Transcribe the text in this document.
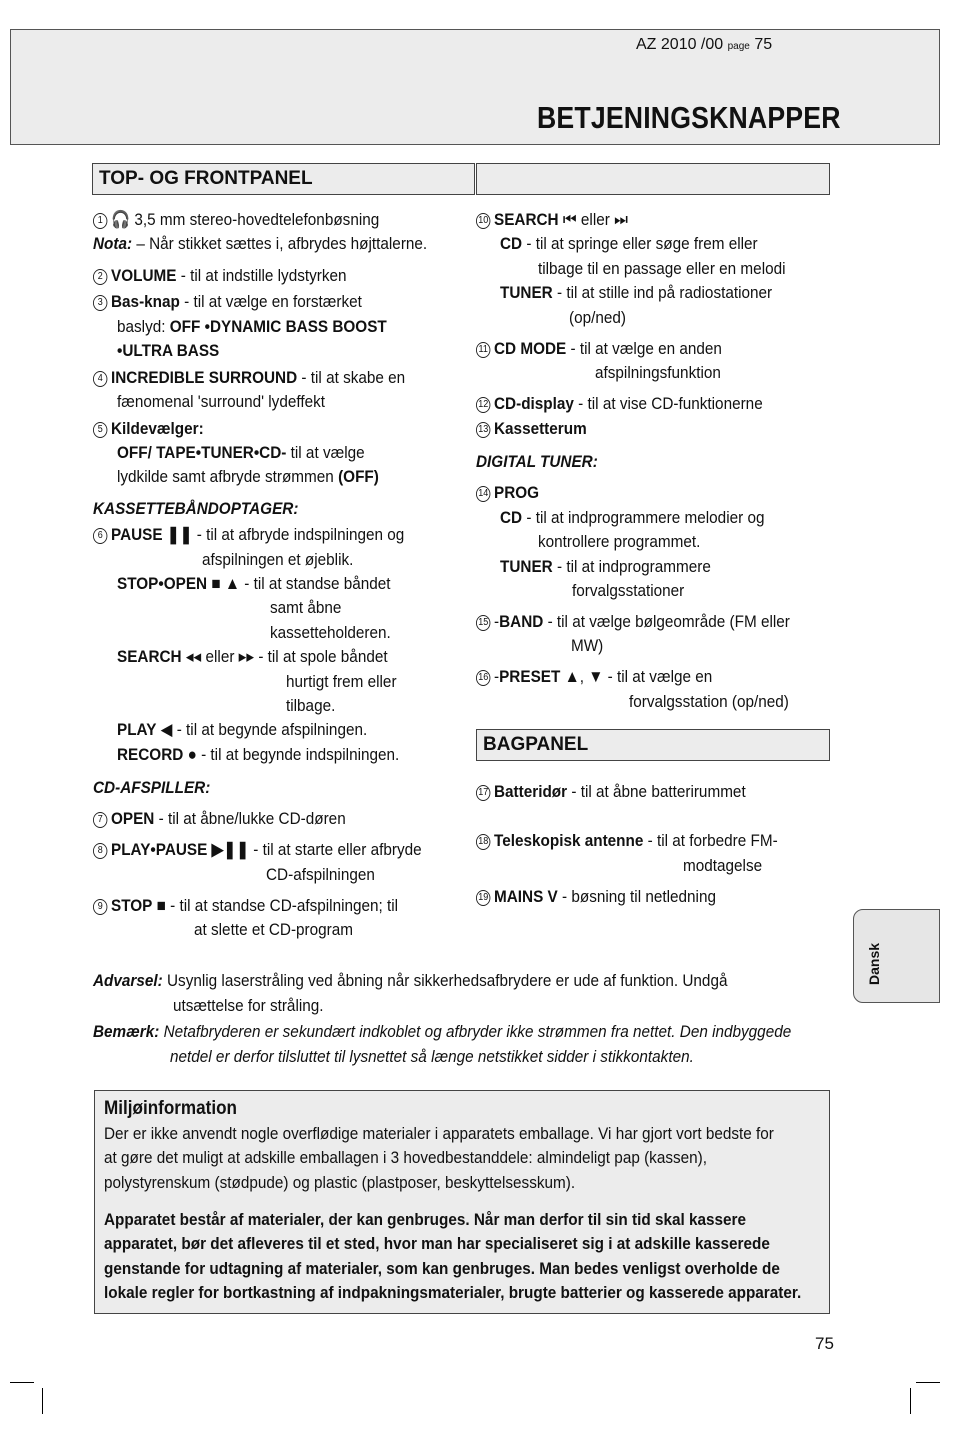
AZ 2010 /00 page 75
BETJENINGSKNAPPER
TOP- OG FRONTPANEL
BAGPANEL
1 🎧 3,5 mm stereo-hovedtelefonbøsning
Nota: – Når stikket sættes i, afbrydes højttalerne.
2 VOLUME - til at indstille lydstyrken
3 Bas-knap - til at vælge en forstærket
baslyd: OFF •DYNAMIC BASS BOOST
•ULTRA BASS
4 INCREDIBLE SURROUND - til at skabe en
fænomenal 'surround' lydeffekt
5 Kildevælger:
OFF/ TAPE•TUNER•CD- til at vælge
lydkilde samt afbryde strømmen (OFF)
KASSETTEBÅNDOPTAGER:
6 PAUSE ❚❚ - til at afbryde indspilningen og
afspilningen et øjeblik.
STOP•OPEN ■ ▲ - til at standse båndet
samt åbne
kassetteholderen.
SEARCH ◂◂ eller ▸▸ - til at spole båndet
hurtigt frem eller
tilbage.
PLAY ◀ - til at begynde afspilningen.
RECORD ● - til at begynde indspilningen.
CD-AFSPILLER:
7 OPEN - til at åbne/lukke CD-døren
8 PLAY•PAUSE ▶❚❚ - til at starte eller afbryde
CD-afspilningen
9 STOP ■ - til at standse CD-afspilningen; til
at slette et CD-program
10 SEARCH ⏮ eller ⏭
CD - til at springe eller søge frem eller
tilbage til en passage eller en melodi
TUNER - til at stille ind på radiostationer
(op/ned)
11 CD MODE - til at vælge en anden
afspilningsfunktion
12 CD-display - til at vise CD-funktionerne
13 Kassetterum
DIGITAL TUNER:
14 PROG
CD - til at indprogrammere melodier og
kontrollere programmet.
TUNER - til at indprogrammere
forvalgsstationer
15 -BAND - til at vælge bølgeområde (FM eller
MW)
16 -PRESET ▲, ▼ - til at vælge en
forvalgsstation (op/ned)
17 Batteridør - til at åbne batterirummet
18 Teleskopisk antenne - til at forbedre FM-
modtagelse
19 MAINS V - bøsning til netledning
Dansk
Advarsel: Usynlig laserstråling ved åbning når sikkerhedsafbrydere er ude af funktion. Undgå
utsættelse for stråling.
Bemærk: Netafbryderen er sekundært indkoblet og afbryder ikke strømmen fra nettet. Den indbyggede
netdel er derfor tilsluttet til lysnettet så længe netstikket sidder i stikkontakten.
Miljøinformation
Der er ikke anvendt nogle overflødige materialer i apparatets emballage. Vi har gjort vort bedste for
at gøre det muligt at adskille emballagen i 3 hovedbestanddele: almindeligt pap (kassen),
polystyrenskum (stødpude) og plastic (plastposer, beskyttelsesskum).
Apparatet består af materialer, der kan genbruges. Når man derfor til sin tid skal kassere
apparatet, bør det afleveres til et sted, hvor man har specialiseret sig i at adskille kasserede
genstande for udtagning af materialer, som kan genbruges. Man bedes venligst overholde de
lokale regler for bortkastning af indpakningsmaterialer, brugte batterier og kasserede apparater.
75
